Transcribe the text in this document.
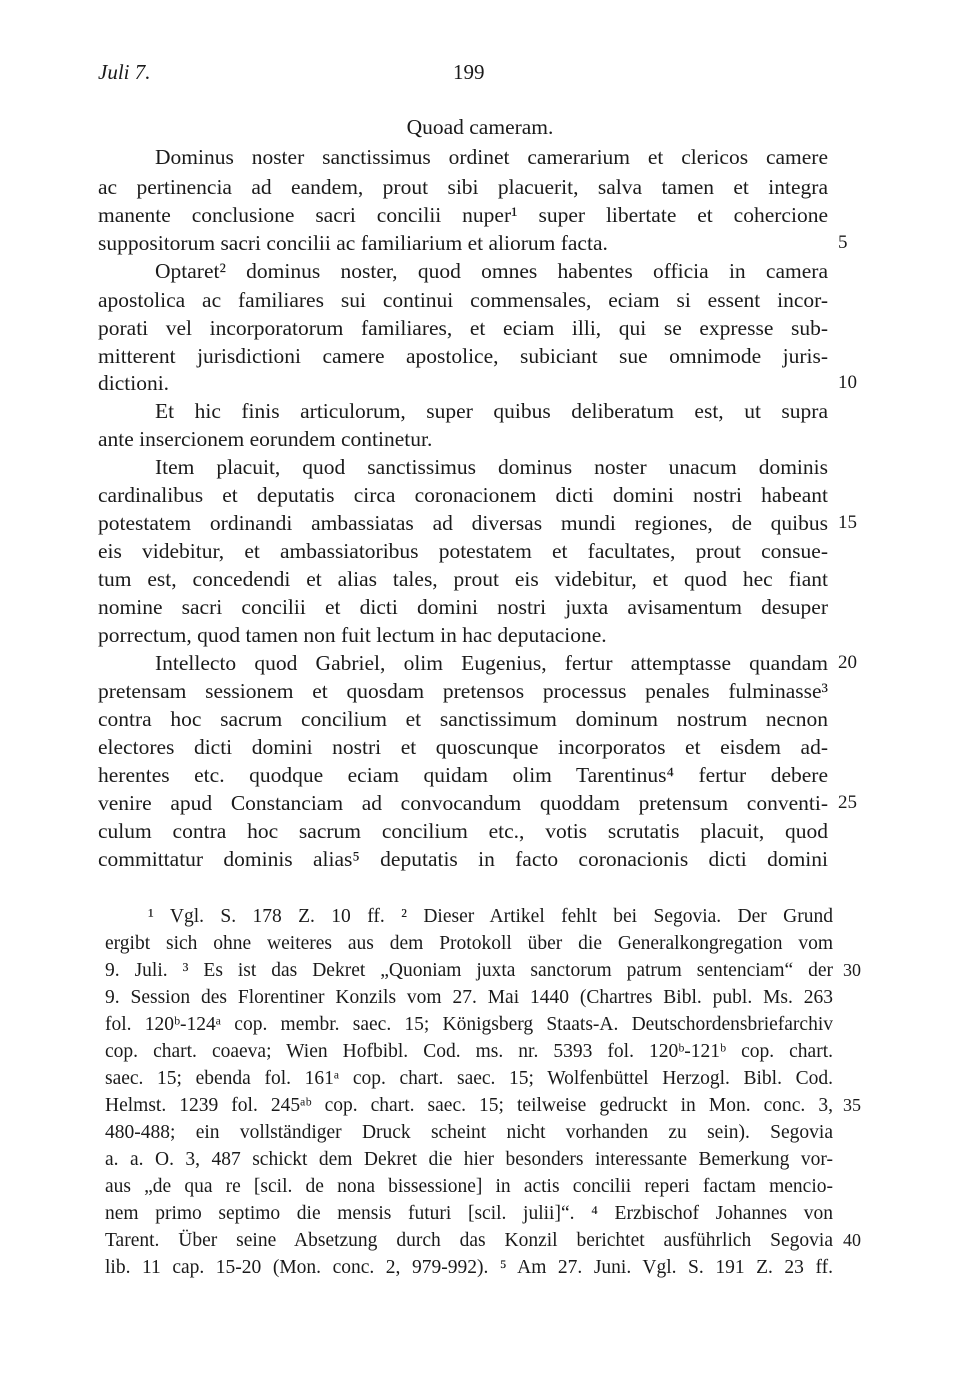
Juli 7.	199
Quoad cameram.
Dominus noster sanctissimus ordinet camerarium et clericos camere
ac pertinencia ad eandem, prout sibi placuerit, salva tamen et integra
manente conclusione sacri concilii nuper¹ super libertate et cohercione
suppositorum sacri concilii ac familiarium et aliorum facta.
Optaret² dominus noster, quod omnes habentes officia in camera
apostolica ac familiares sui continui commensales, eciam si essent incor-
porati vel incorporatorum familiares, et eciam illi, qui se expresse sub-
mitterent jurisdictioni camere apostolice, subiciant sue omnimode juris-
dictioni.
Et hic finis articulorum, super quibus deliberatum est, ut supra
ante insercionem eorundem continetur.
Item placuit, quod sanctissimus dominus noster unacum dominis
cardinalibus et deputatis circa coronacionem dicti domini nostri habeant
potestatem ordinandi ambassiatas ad diversas mundi regiones, de quibus
eis videbitur, et ambassiatoribus potestatem et facultates, prout consue-
tum est, concedendi et alias tales, prout eis videbitur, et quod hec fiant
nomine sacri concilii et dicti domini nostri juxta avisamentum desuper
porrectum, quod tamen non fuit lectum in hac deputacione.
Intellecto quod Gabriel, olim Eugenius, fertur attemptasse quandam
pretensam sessionem et quosdam pretensos processus penales fulminasse³
contra hoc sacrum concilium et sanctissimum dominum nostrum necnon
electores dicti domini nostri et quoscunque incorporatos et eisdem ad-
herentes etc. quodque eciam quidam olim Tarentinus⁴ fertur debere
venire apud Constanciam ad convocandum quoddam pretensum conventi-
culum contra hoc sacrum concilium etc., votis scrutatis placuit, quod
committatur dominis alias⁵ deputatis in facto coronacionis dicti domini
5
10
15
20
25
¹ Vgl. S. 178 Z. 10 ff. ² Dieser Artikel fehlt bei Segovia. Der Grund
ergibt sich ohne weiteres aus dem Protokoll über die Generalkongregation vom
9. Juli. ³ Es ist das Dekret „Quoniam juxta sanctorum patrum sentenciam“ der
9. Session des Florentiner Konzils vom 27. Mai 1440 (Chartres Bibl. publ. Ms. 263
fol. 120ᵇ-124ᵃ cop. membr. saec. 15; Königsberg Staats-A. Deutschordensbriefarchiv
cop. chart. coaeva; Wien Hofbibl. Cod. ms. nr. 5393 fol. 120ᵇ-121ᵇ cop. chart.
saec. 15; ebenda fol. 161ᵃ cop. chart. saec. 15; Wolfenbüttel Herzogl. Bibl. Cod.
Helmst. 1239 fol. 245ᵃᵇ cop. chart. saec. 15; teilweise gedruckt in Mon. conc. 3,
480-488; ein vollständiger Druck scheint nicht vorhanden zu sein). Segovia
a. a. O. 3, 487 schickt dem Dekret die hier besonders interessante Bemerkung vor-
aus „de qua re [scil. de nona bissessione] in actis concilii reperi factam mencio-
nem primo septimo die mensis futuri [scil. julii]“. ⁴ Erzbischof Johannes von
Tarent. Über seine Absetzung durch das Konzil berichtet ausführlich Segovia
lib. 11 cap. 15-20 (Mon. conc. 2, 979-992). ⁵ Am 27. Juni. Vgl. S. 191 Z. 23 ff.
30
35
40
